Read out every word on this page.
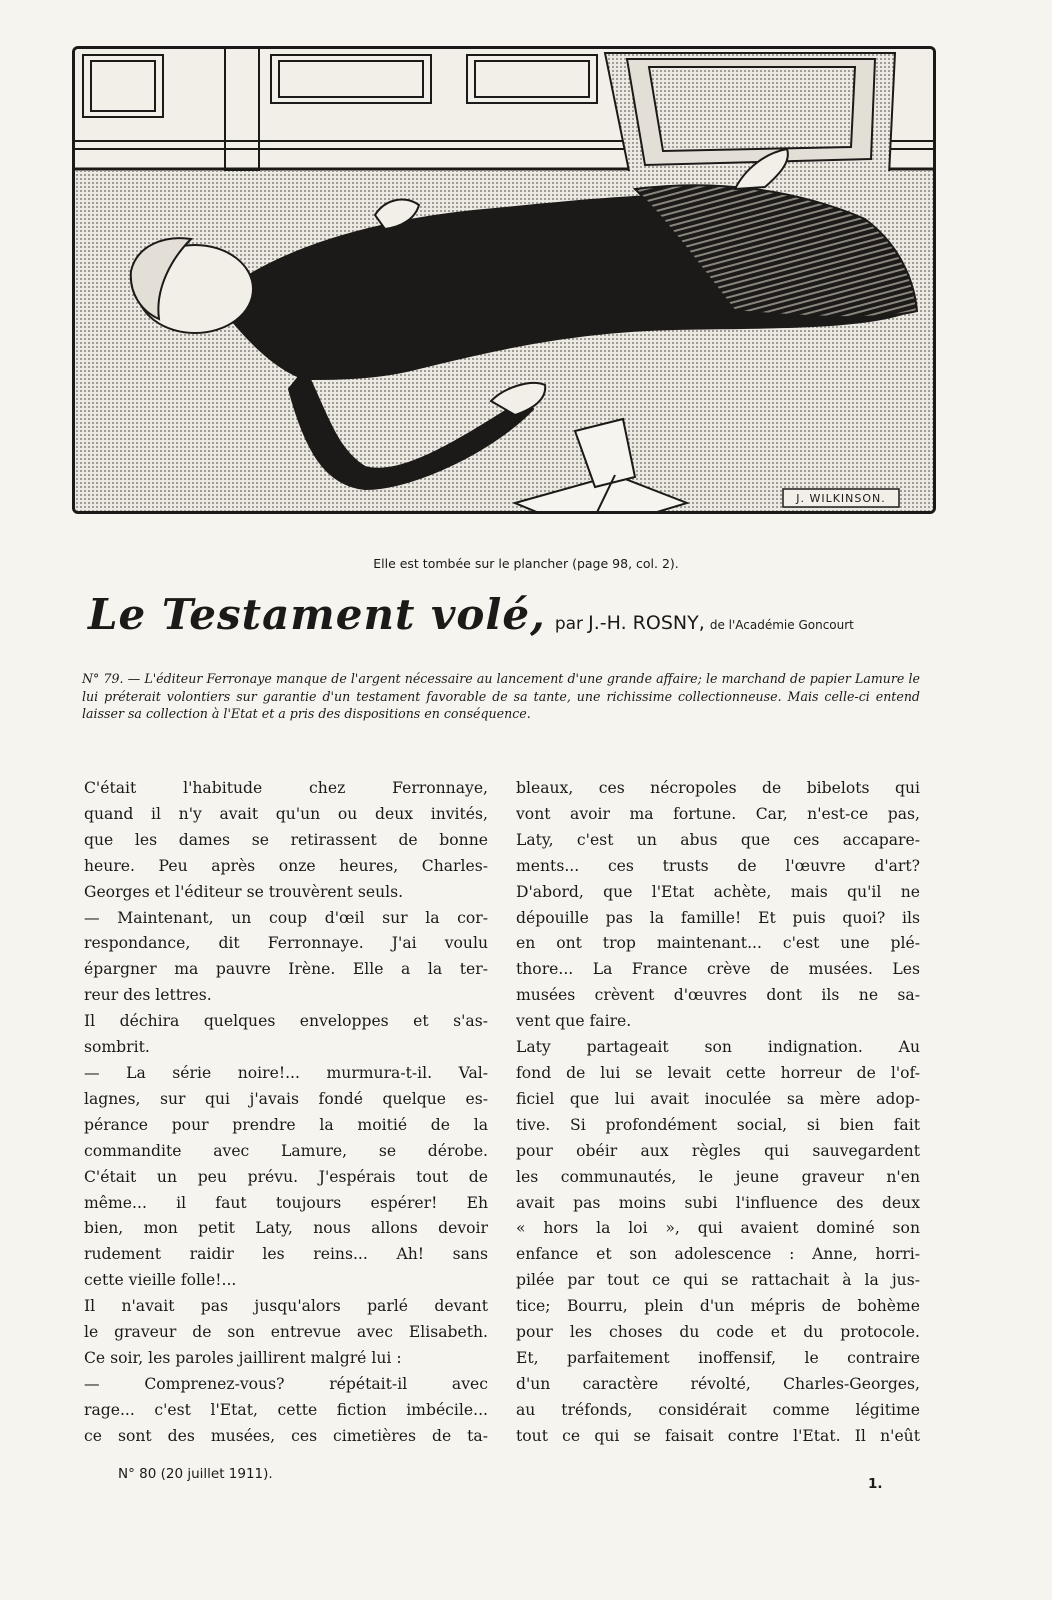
J. WILKINSON.
Elle est tombée sur le plancher (page 98, col. 2).
Le Testament volé, par J.-H. ROSNY, de l'Académie Goncourt
N° 79. — L'éditeur Ferronaye manque de l'argent nécessaire au lancement d'une grande affaire; le marchand de papier Lamure le lui préterait volontiers sur garantie d'un testament favorable de sa tante, une richissime collectionneuse. Mais celle-ci entend laisser sa collection à l'Etat et a pris des dispositions en conséquence.
C'était l'habitude chez Ferronnaye,
quand il n'y avait qu'un ou deux invités,
que les dames se retirassent de bonne
heure. Peu après onze heures, Charles-
Georges et l'éditeur se trouvèrent seuls.
— Maintenant, un coup d'œil sur la cor-
respondance, dit Ferronnaye. J'ai voulu
épargner ma pauvre Irène. Elle a la ter-
reur des lettres.
Il déchira quelques enveloppes et s'as-
sombrit.
— La série noire!... murmura-t-il. Val-
lagnes, sur qui j'avais fondé quelque es-
pérance pour prendre la moitié de la
commandite avec Lamure, se dérobe.
C'était un peu prévu. J'espérais tout de
même... il faut toujours espérer! Eh
bien, mon petit Laty, nous allons devoir
rudement raidir les reins... Ah! sans
cette vieille folle!...
Il n'avait pas jusqu'alors parlé devant
le graveur de son entrevue avec Elisabeth.
Ce soir, les paroles jaillirent malgré lui :
— Comprenez-vous? répétait-il avec
rage... c'est l'Etat, cette fiction imbécile...
ce sont des musées, ces cimetières de ta-
bleaux, ces nécropoles de bibelots qui
vont avoir ma fortune. Car, n'est-ce pas,
Laty, c'est un abus que ces accapare-
ments... ces trusts de l'œuvre d'art?
D'abord, que l'Etat achète, mais qu'il ne
dépouille pas la famille! Et puis quoi? ils
en ont trop maintenant... c'est une plé-
thore... La France crève de musées. Les
musées crèvent d'œuvres dont ils ne sa-
vent que faire.
Laty partageait son indignation. Au
fond de lui se levait cette horreur de l'of-
ficiel que lui avait inoculée sa mère adop-
tive. Si profondément social, si bien fait
pour obéir aux règles qui sauvegardent
les communautés, le jeune graveur n'en
avait pas moins subi l'influence des deux
« hors la loi », qui avaient dominé son
enfance et son adolescence : Anne, horri-
pilée par tout ce qui se rattachait à la jus-
tice; Bourru, plein d'un mépris de bohème
pour les choses du code et du protocole.
Et, parfaitement inoffensif, le contraire
d'un caractère révolté, Charles-Georges,
au tréfonds, considérait comme légitime
tout ce qui se faisait contre l'Etat. Il n'eût
N° 80 (20 juillet 1911).
1.
